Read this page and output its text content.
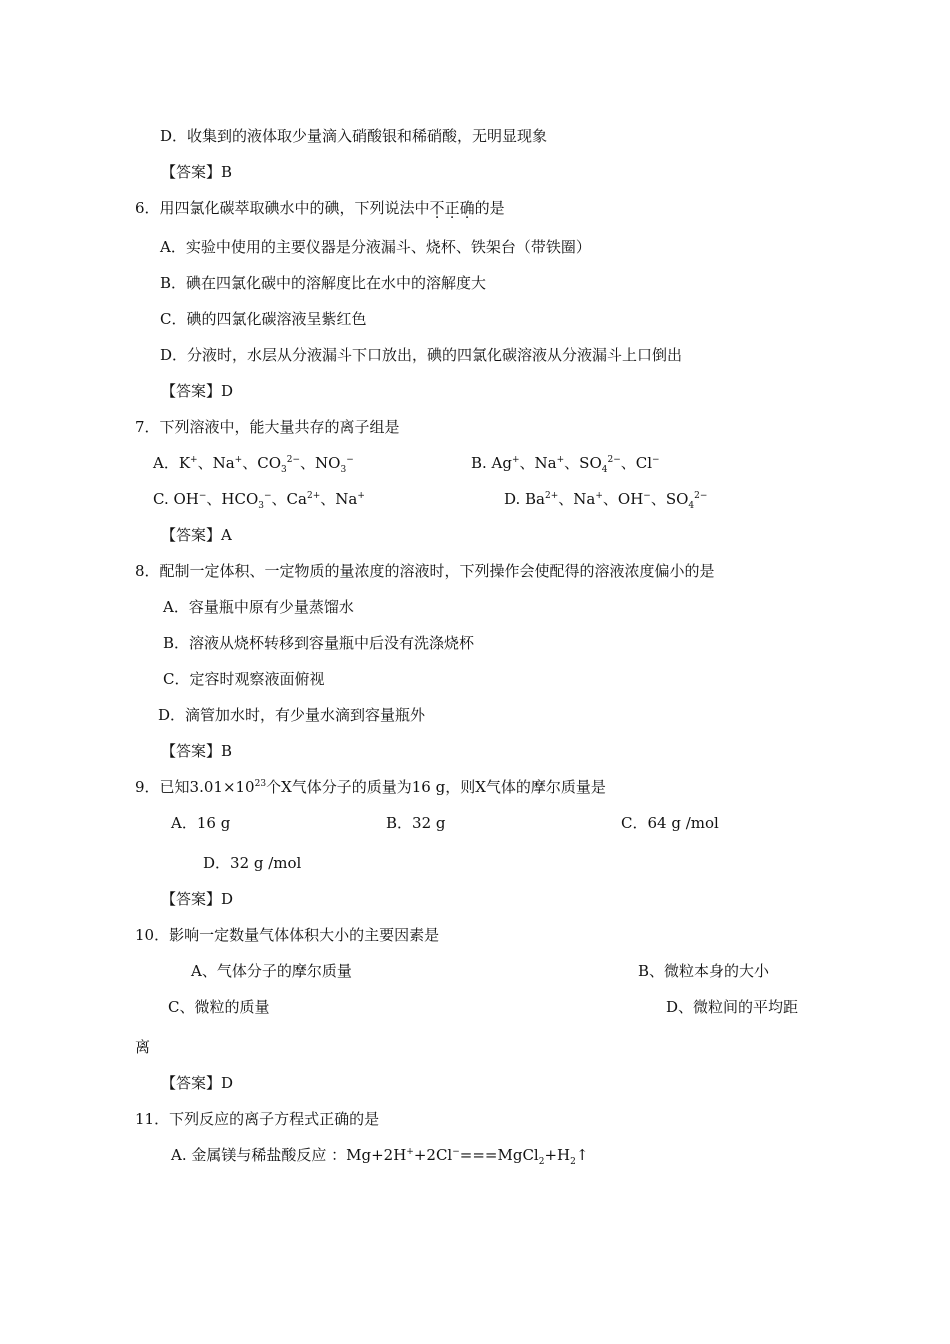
D．收集到的液体取少量滴入硝酸银和稀硝酸，无明显现象
【答案】B
6．用四氯化碳萃取碘水中的碘，下列说法中不正确的是
A．实验中使用的主要仪器是分液漏斗、烧杯、铁架台（带铁圈）
B．碘在四氯化碳中的溶解度比在水中的溶解度大
C．碘的四氯化碳溶液呈紫红色
D．分液时，水层从分液漏斗下口放出，碘的四氯化碳溶液从分液漏斗上口倒出
【答案】D
7．下列溶液中，能大量共存的离子组是
A．K+、Na+、$CO_3^{2-}$、$NO_3^-$	B. Ag+、Na+、$SO_4^{2-}$、Cl−
C. OH−、$HCO_3^-$、$Ca^{2+}$、Na+	D. $Ba^{2+}$、Na+、OH−、$SO_4^{2-}$
【答案】A
8．配制一定体积、一定物质的量浓度的溶液时，下列操作会使配得的溶液浓度偏小的是
A．容量瓶中原有少量蒸馏水
B．溶液从烧杯转移到容量瓶中后没有洗涤烧杯
C．定容时观察液面俯视
D．滴管加水时，有少量水滴到容量瓶外
【答案】B
9．已知$3.01\times 10^{23}$个X气体分子的质量为16 g，则X气体的摩尔质量是
A．16 g	B．32 g	C．64 g /mol
D．32 g /mol
【答案】D
10．影响一定数量气体体积大小的主要因素是
A、气体分子的摩尔质量	B、微粒本身的大小
C、微粒的质量	D、微粒间的平均距
离
【答案】D
11．下列反应的离子方程式正确的是
A. 金属镁与稀盐酸反应 ：$Mg+2H^++2Cl^-===MgCl_2+H_2↑$
